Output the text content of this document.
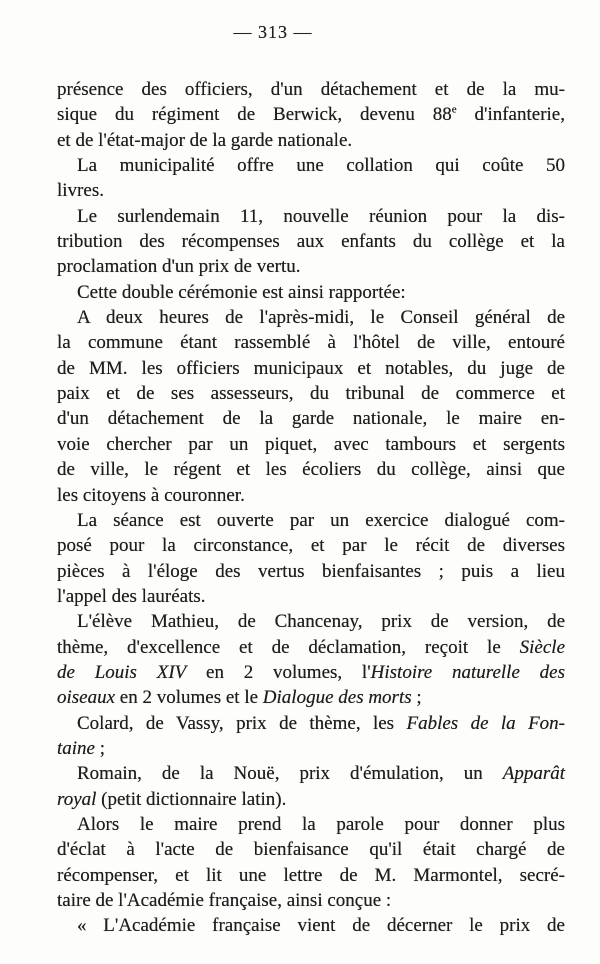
— 313 —
présence des officiers, d'un détachement et de la mu-
sique du régiment de Berwick, devenu 88e d'infanterie,
et de l'état-major de la garde nationale.
La municipalité offre une collation qui coûte 50
livres.
Le surlendemain 11, nouvelle réunion pour la dis-
tribution des récompenses aux enfants du collège et la
proclamation d'un prix de vertu.
Cette double cérémonie est ainsi rapportée:
A deux heures de l'après-midi, le Conseil général de
la commune étant rassemblé à l'hôtel de ville, entouré
de MM. les officiers municipaux et notables, du juge de
paix et de ses assesseurs, du tribunal de commerce et
d'un détachement de la garde nationale, le maire en-
voie chercher par un piquet, avec tambours et sergents
de ville, le régent et les écoliers du collège, ainsi que
les citoyens à couronner.
La séance est ouverte par un exercice dialogué com-
posé pour la circonstance, et par le récit de diverses
pièces à l'éloge des vertus bienfaisantes ; puis a lieu
l'appel des lauréats.
L'élève Mathieu, de Chancenay, prix de version, de
thème, d'excellence et de déclamation, reçoit le Siècle
de Louis XIV en 2 volumes, l'Histoire naturelle des
oiseaux en 2 volumes et le Dialogue des morts ;
Colard, de Vassy, prix de thème, les Fables de la Fon-
taine ;
Romain, de la Nouë, prix d'émulation, un Apparât
royal (petit dictionnaire latin).
Alors le maire prend la parole pour donner plus
d'éclat à l'acte de bienfaisance qu'il était chargé de
récompenser, et lit une lettre de M. Marmontel, secré-
taire de l'Académie française, ainsi conçue :
« L'Académie française vient de décerner le prix de
